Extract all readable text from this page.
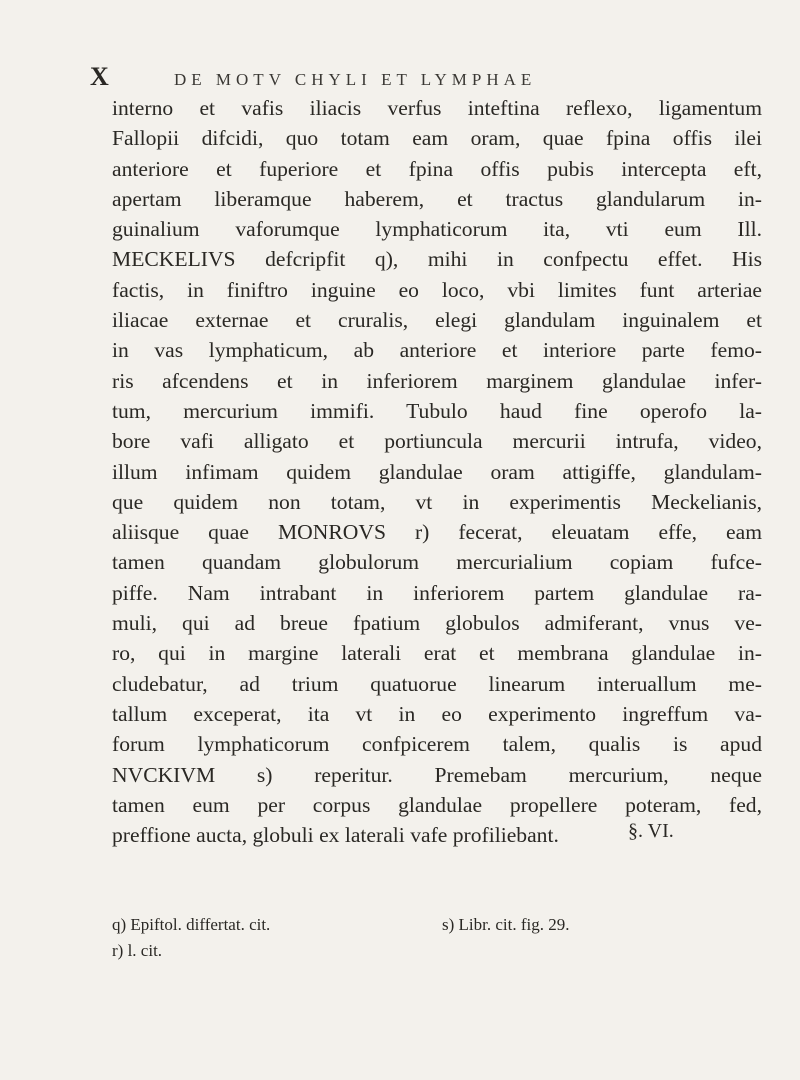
X	DE MOTV CHYLI ET LYMPHAE
interno et vafis iliacis verfus inteftina reflexo, ligamentum
Fallopii difcidi, quo totam eam oram, quae fpina offis ilei
anteriore et fuperiore et fpina offis pubis intercepta eft,
apertam liberamque haberem, et tractus glandularum in-
guinalium vaforumque lymphaticorum ita, vti eum Ill.
MECKELIVS defcripfit q), mihi in confpectu effet. His
factis, in finiftro inguine eo loco, vbi limites funt arteriae
iliacae externae et cruralis, elegi glandulam inguinalem et
in vas lymphaticum, ab anteriore et interiore parte femo-
ris afcendens et in inferiorem marginem glandulae infer-
tum, mercurium immifi. Tubulo haud fine operofo la-
bore vafi alligato et portiuncula mercurii intrufa, video,
illum infimam quidem glandulae oram attigiffe, glandulam-
que quidem non totam, vt in experimentis Meckelianis,
aliisque quae MONROVS r) fecerat, eleuatam effe, eam
tamen quandam globulorum mercurialium copiam fufce-
piffe. Nam intrabant in inferiorem partem glandulae ra-
muli, qui ad breue fpatium globulos admiferant, vnus ve-
ro, qui in margine laterali erat et membrana glandulae in-
cludebatur, ad trium quatuorue linearum interuallum me-
tallum exceperat, ita vt in eo experimento ingreffum va-
forum lymphaticorum confpicerem talem, qualis is apud
NVCKIVM s) reperitur. Premebam mercurium, neque
tamen eum per corpus glandulae propellere poteram, fed,
preffione aucta, globuli ex laterali vafe profiliebant.	§. VI.
q) Epiftol. differtat. cit.	s) Libr. cit. fig. 29.
r) l. cit.
